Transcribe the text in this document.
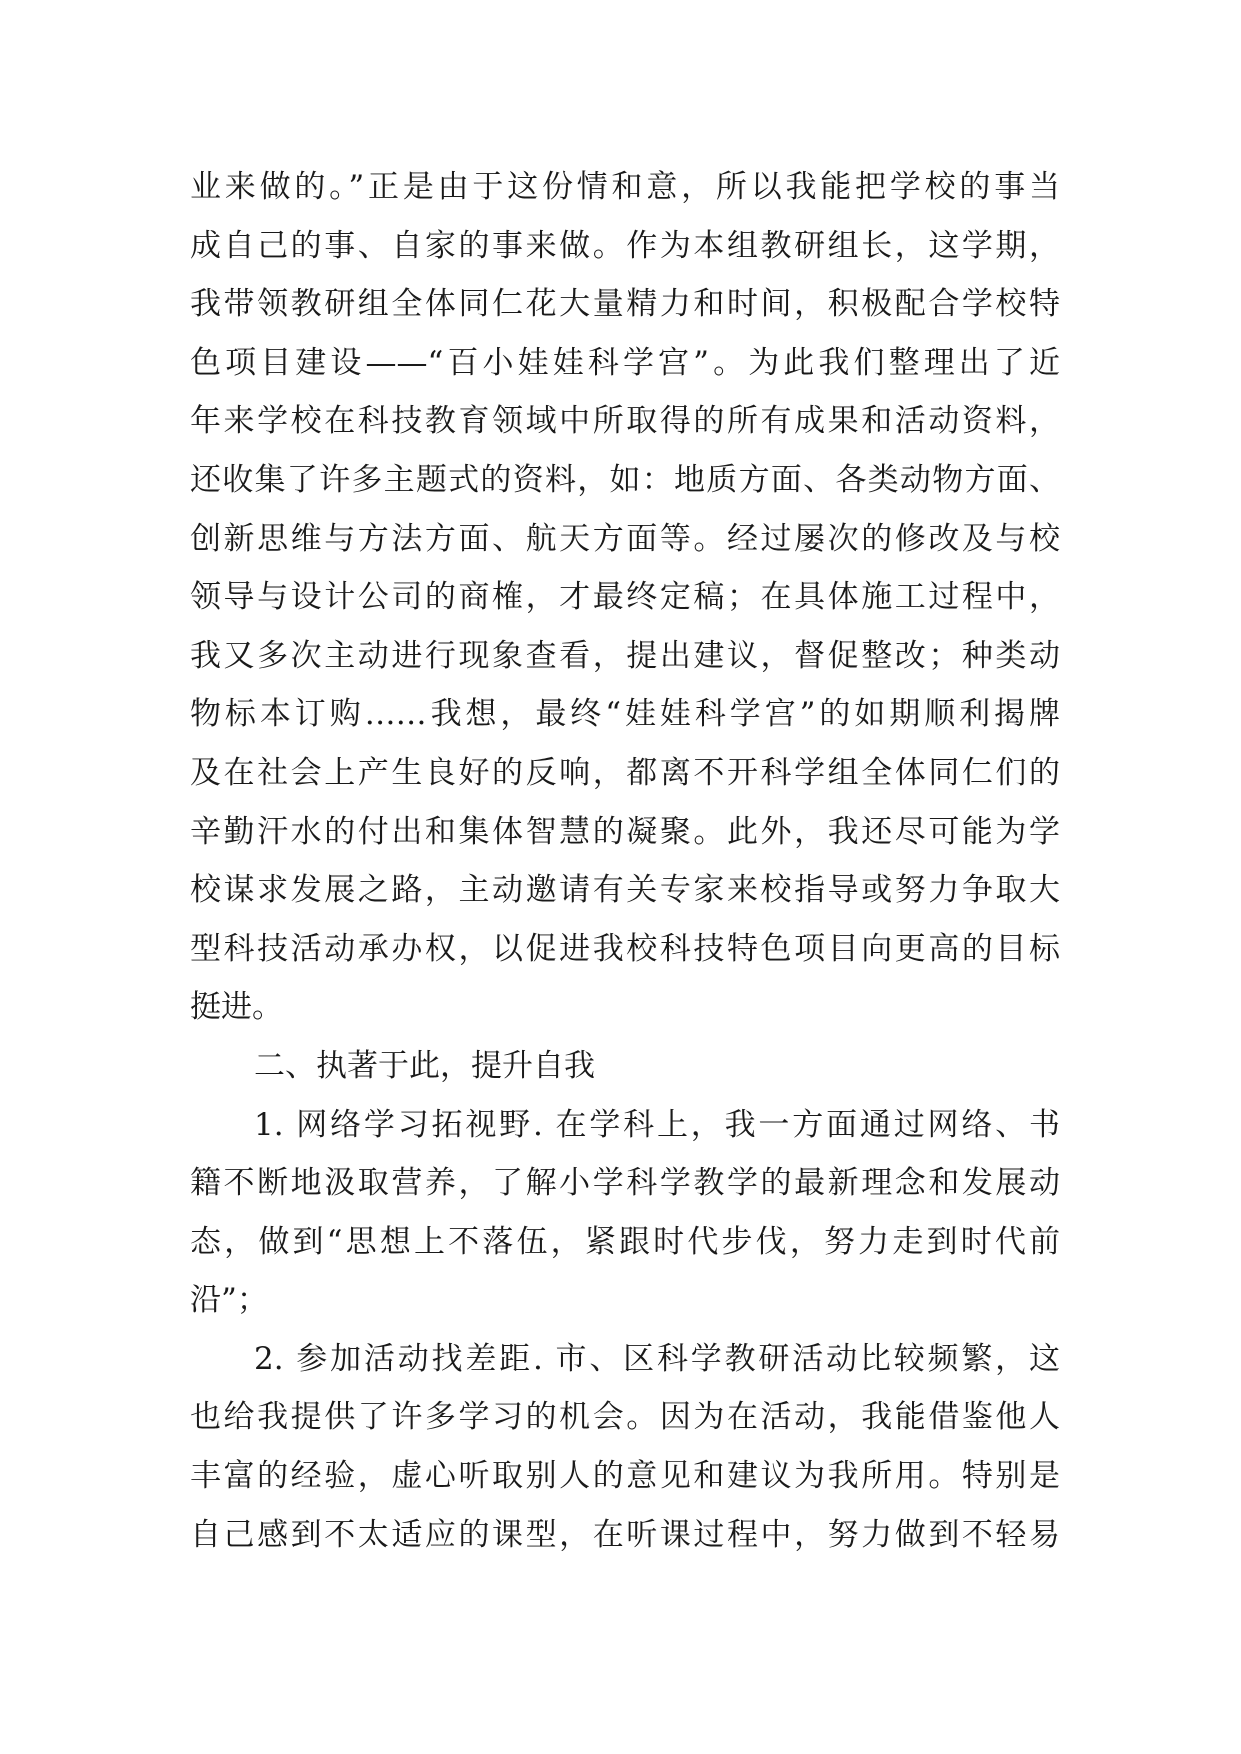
业来做的。”正是由于这份情和意，所以我能把学校的事当
成自己的事、自家的事来做。作为本组教研组长，这学期，
我带领教研组全体同仁花大量精力和时间，积极配合学校特
色项目建设——“百小娃娃科学宫”。为此我们整理出了近
年来学校在科技教育领域中所取得的所有成果和活动资料，
还收集了许多主题式的资料，如：地质方面、各类动物方面、
创新思维与方法方面、航天方面等。经过屡次的修改及与校
领导与设计公司的商榷，才最终定稿；在具体施工过程中，
我又多次主动进行现象查看，提出建议，督促整改；种类动
物标本订购……我想，最终“娃娃科学宫”的如期顺利揭牌
及在社会上产生良好的反响，都离不开科学组全体同仁们的
辛勤汗水的付出和集体智慧的凝聚。此外，我还尽可能为学
校谋求发展之路，主动邀请有关专家来校指导或努力争取大
型科技活动承办权，以促进我校科技特色项目向更高的目标
挺进。
二、执著于此，提升自我
1. 网络学习拓视野. 在学科上，我一方面通过网络、书
籍不断地汲取营养，了解小学科学教学的最新理念和发展动
态，做到“思想上不落伍，紧跟时代步伐，努力走到时代前
沿”；
2. 参加活动找差距. 市、区科学教研活动比较频繁，这
也给我提供了许多学习的机会。因为在活动，我能借鉴他人
丰富的经验，虚心听取别人的意见和建议为我所用。特别是
自己感到不太适应的课型，在听课过程中，努力做到不轻易
